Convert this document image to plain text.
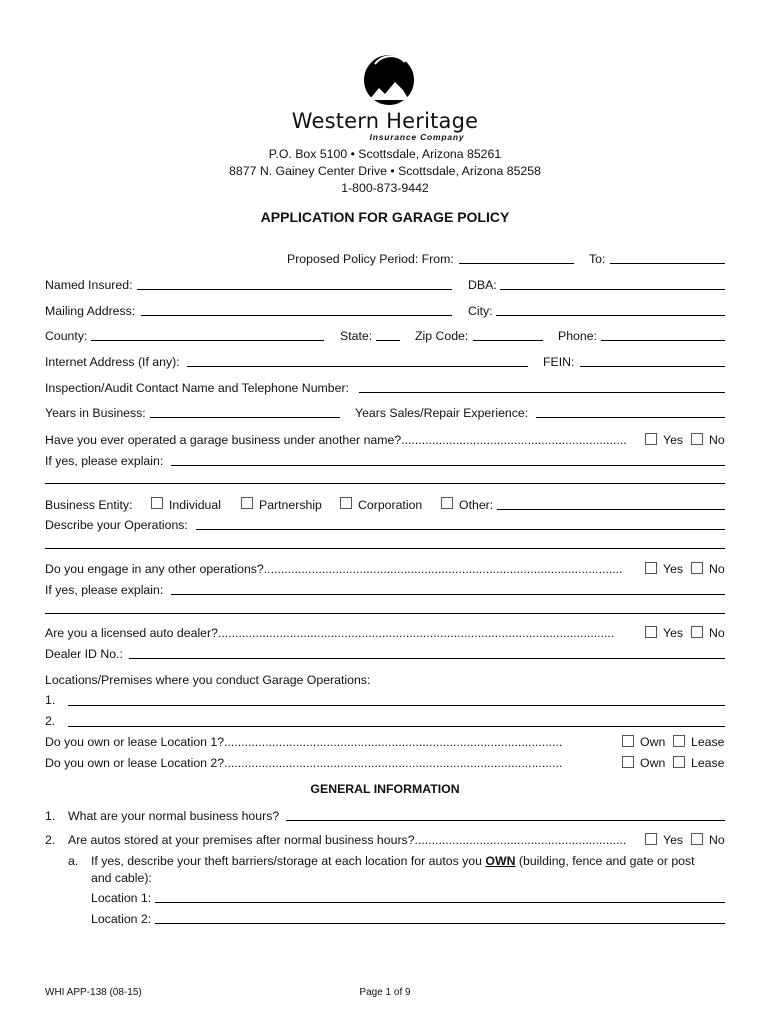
Western Heritage
Insurance Company
P.O. Box 5100 • Scottsdale, Arizona 85261
8877 N. Gainey Center Drive • Scottsdale, Arizona 85258
1-800-873-9442
APPLICATION FOR GARAGE POLICY
Proposed Policy Period: From:	To:
Named Insured:	DBA:
Mailing Address:	City:
County:	State:	Zip Code:	Phone:
Internet Address (If any):	FEIN:
Inspection/Audit Contact Name and Telephone Number:
Years in Business:	Years Sales/Repair Experience:
Have you ever operated a garage business under another name?..................................................................	Yes No
If yes, please explain:
Business Entity:	Individual	Partnership	Corporation	Other:
Describe your Operations:
Do you engage in any other operations?.........................................................................................................	Yes No
If yes, please explain:
Are you a licensed auto dealer?....................................................................................................................	Yes No
Dealer ID No.:
Locations/Premises where you conduct Garage Operations:
1.
2.
Do you own or lease Location 1?...................................................................................................	Own Lease
Do you own or lease Location 2?...................................................................................................	Own Lease
GENERAL INFORMATION
1. What are your normal business hours?
2. Are autos stored at your premises after normal business hours?..............................................................	Yes No
a. If yes, describe your theft barriers/storage at each location for autos you OWN (building, fence and gate or post
and cable):
Location 1:
Location 2:
WHI APP-138 (08-15)	Page 1 of 9
